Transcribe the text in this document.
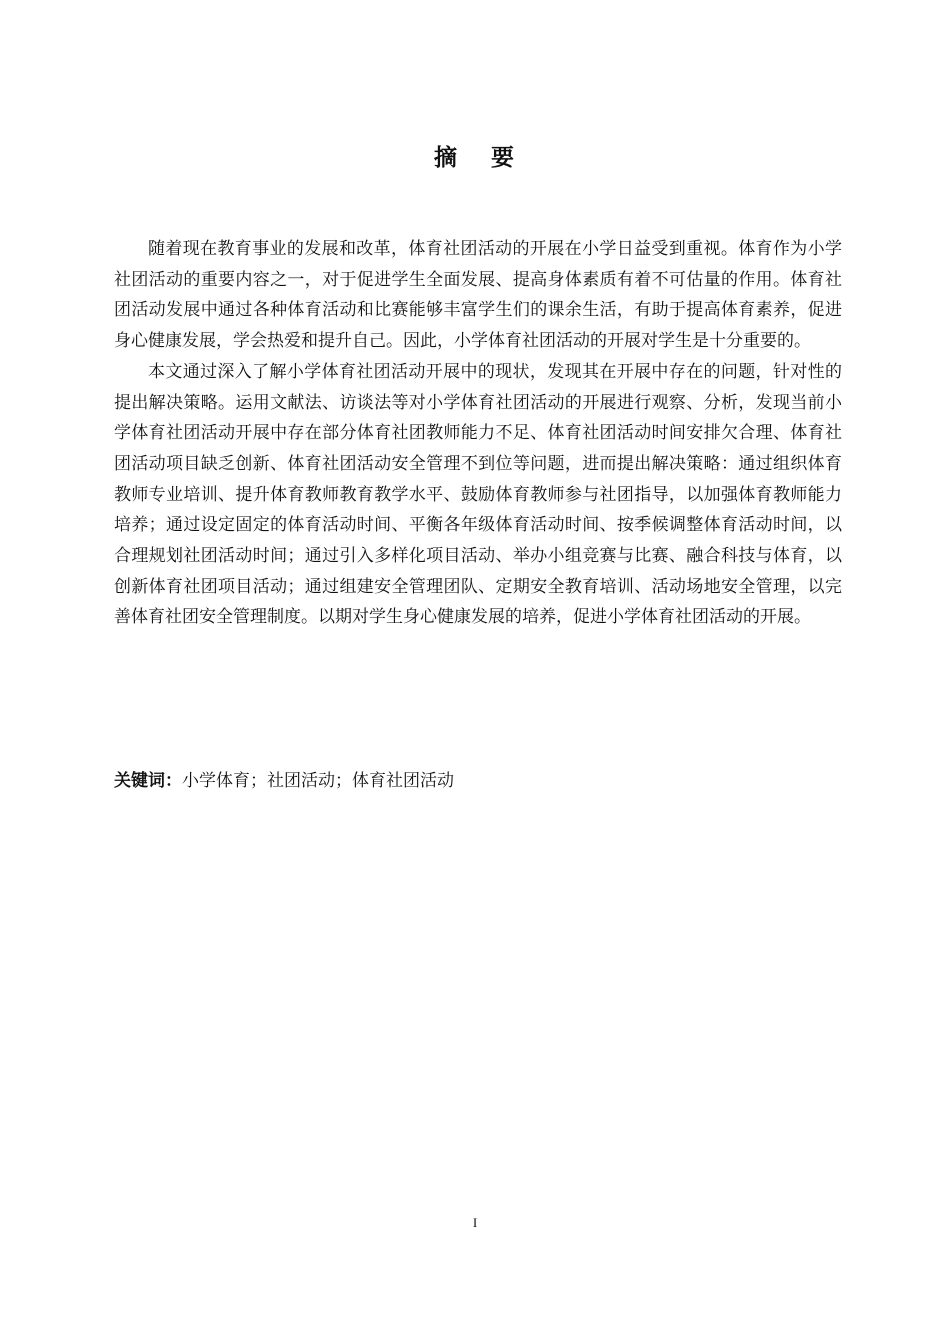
摘 要

随着现在教育事业的发展和改革，体育社团活动的开展在小学日益受到重视。体育作为小学社团活动的重要内容之一，对于促进学生全面发展、提高身体素质有着不可估量的作用。体育社团活动发展中通过各种体育活动和比赛能够丰富学生们的课余生活，有助于提高体育素养，促进身心健康发展，学会热爱和提升自己。因此，小学体育社团活动的开展对学生是十分重要的。

本文通过深入了解小学体育社团活动开展中的现状，发现其在开展中存在的问题，针对性的提出解决策略。运用文献法、访谈法等对小学体育社团活动的开展进行观察、分析，发现当前小学体育社团活动开展中存在部分体育社团教师能力不足、体育社团活动时间安排欠合理、体育社团活动项目缺乏创新、体育社团活动安全管理不到位等问题，进而提出解决策略：通过组织体育教师专业培训、提升体育教师教育教学水平、鼓励体育教师参与社团指导，以加强体育教师能力培养；通过设定固定的体育活动时间、平衡各年级体育活动时间、按季候调整体育活动时间，以合理规划社团活动时间；通过引入多样化项目活动、举办小组竞赛与比赛、融合科技与体育，以创新体育社团项目活动；通过组建安全管理团队、定期安全教育培训、活动场地安全管理，以完善体育社团安全管理制度。以期对学生身心健康发展的培养，促进小学体育社团活动的开展。

关键词：小学体育；社团活动；体育社团活动

I
